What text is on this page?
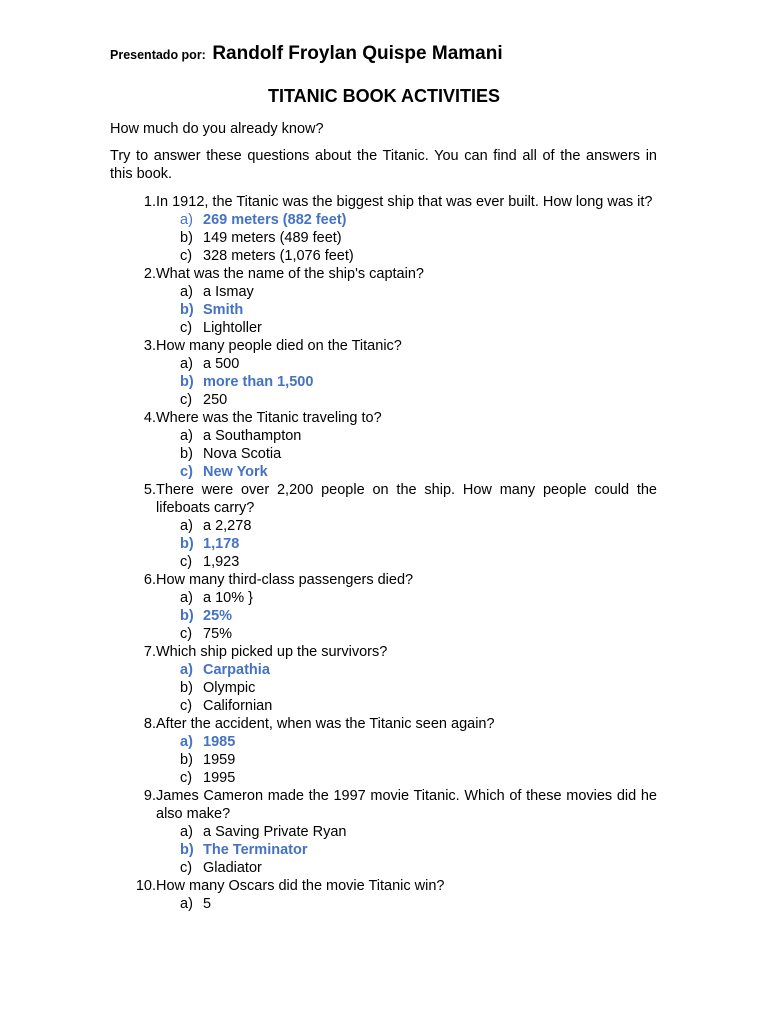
Presentado por: Randolf Froylan Quispe Mamani
TITANIC BOOK ACTIVITIES
How much do you already know?
Try to answer these questions about the Titanic. You can find all of the answers in this book.
1. In 1912, the Titanic was the biggest ship that was ever built. How long was it?
a) 269 meters (882 feet)
b) 149 meters (489 feet)
c) 328 meters (1,076 feet)
2. What was the name of the ship's captain?
a) a Ismay
b) Smith
c) Lightoller
3. How many people died on the Titanic?
a) a 500
b) more than 1,500
c) 250
4. Where was the Titanic traveling to?
a) a Southampton
b) Nova Scotia
c) New York
5. There were over 2,200 people on the ship. How many people could the lifeboats carry?
a) a 2,278
b) 1,178
c) 1,923
6. How many third-class passengers died?
a) a 10% }
b) 25%
c) 75%
7. Which ship picked up the survivors?
a) Carpathia
b) Olympic
c) Californian
8. After the accident, when was the Titanic seen again?
a) 1985
b) 1959
c) 1995
9. James Cameron made the 1997 movie Titanic. Which of these movies did he also make?
a) a Saving Private Ryan
b) The Terminator
c) Gladiator
10. How many Oscars did the movie Titanic win?
a) 5
